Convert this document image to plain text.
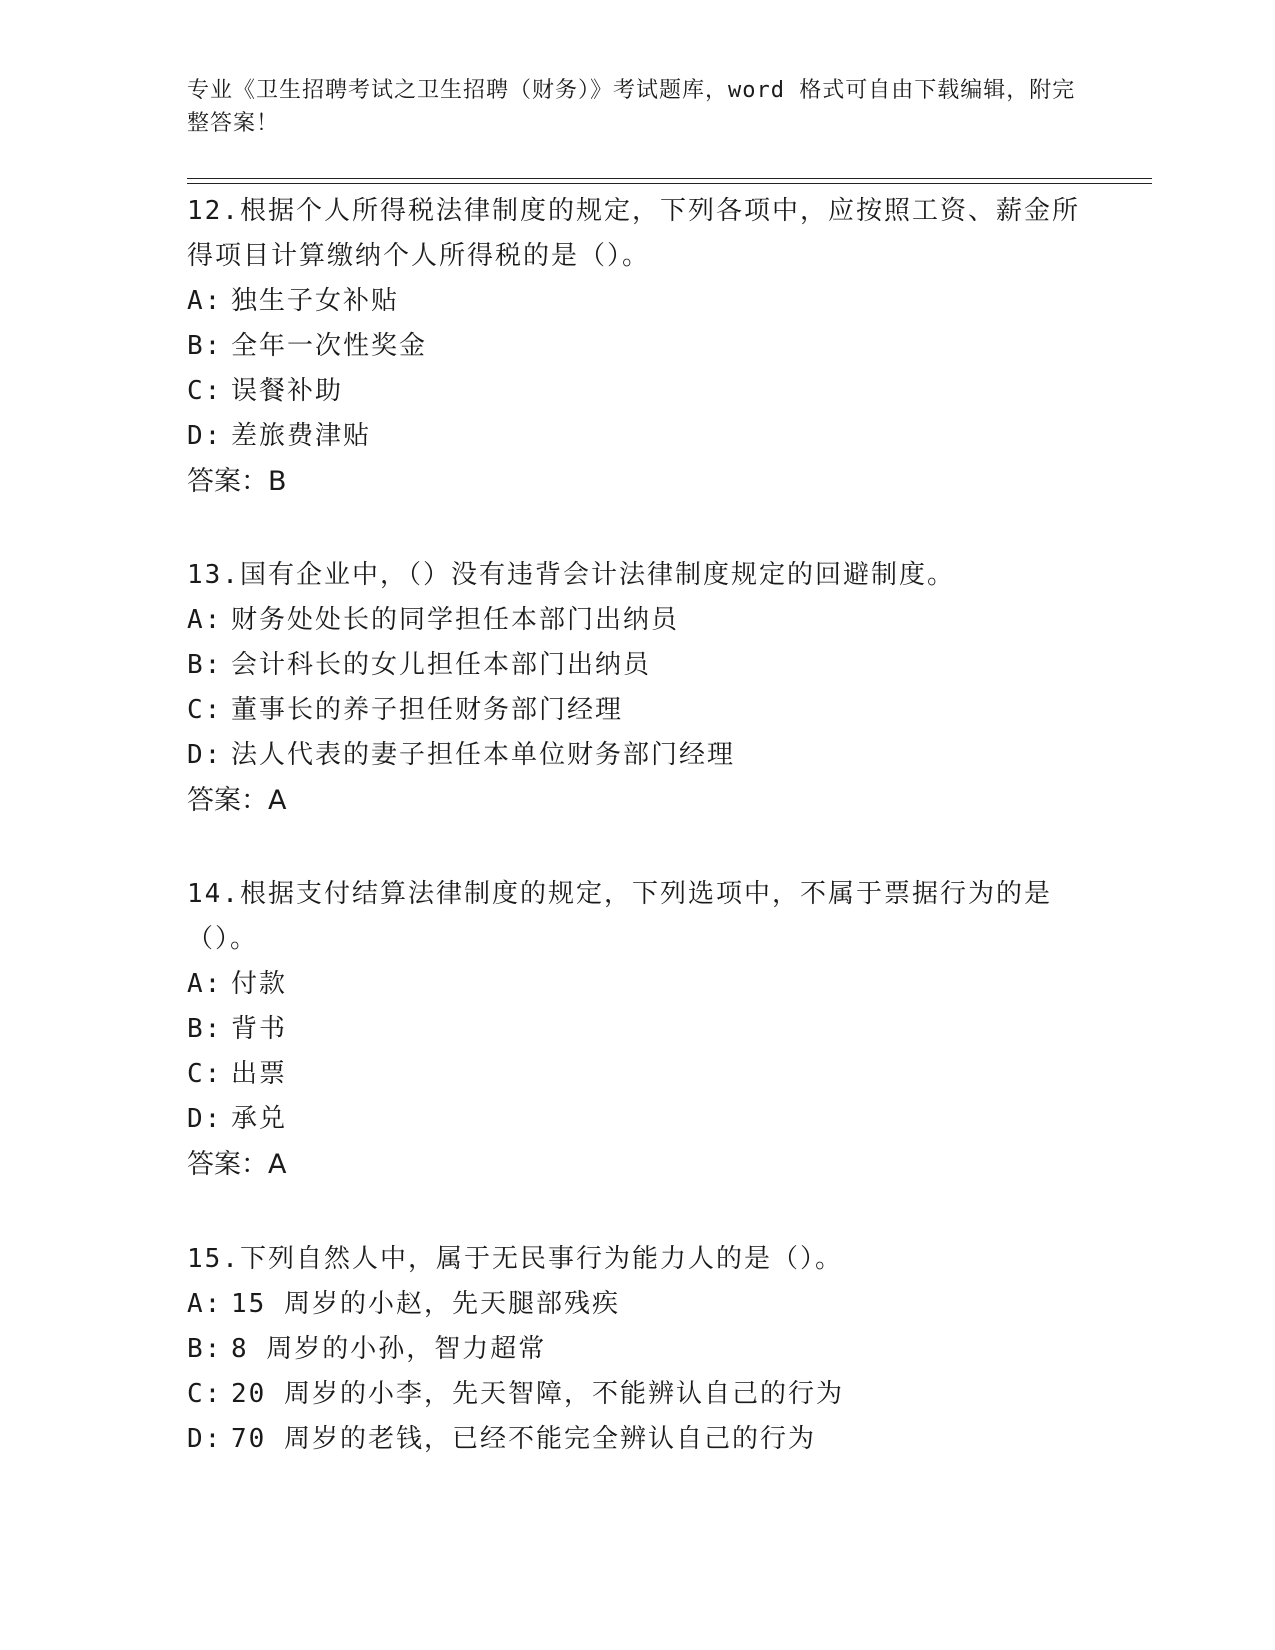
专业《卫生招聘考试之卫生招聘（财务）》考试题库，word 格式可自由下载编辑，附完整答案！

12.根据个人所得税法律制度的规定，下列各项中，应按照工资、薪金所得项目计算缴纳个人所得税的是（）。

A: 独生子女补贴
B: 全年一次性奖金
C: 误餐补助
D: 差旅费津贴

答案：B

13.国有企业中，（）没有违背会计法律制度规定的回避制度。

A: 财务处处长的同学担任本部门出纳员
B: 会计科长的女儿担任本部门出纳员
C: 董事长的养子担任财务部门经理
D: 法人代表的妻子担任本单位财务部门经理

答案：A

14.根据支付结算法律制度的规定，下列选项中，不属于票据行为的是（）。

A: 付款
B: 背书
C: 出票
D: 承兑

答案：A

15.下列自然人中，属于无民事行为能力人的是（）。

A: 15 周岁的小赵，先天腿部残疾
B: 8 周岁的小孙，智力超常
C: 20 周岁的小李，先天智障，不能辨认自己的行为
D: 70 周岁的老钱，已经不能完全辨认自己的行为
